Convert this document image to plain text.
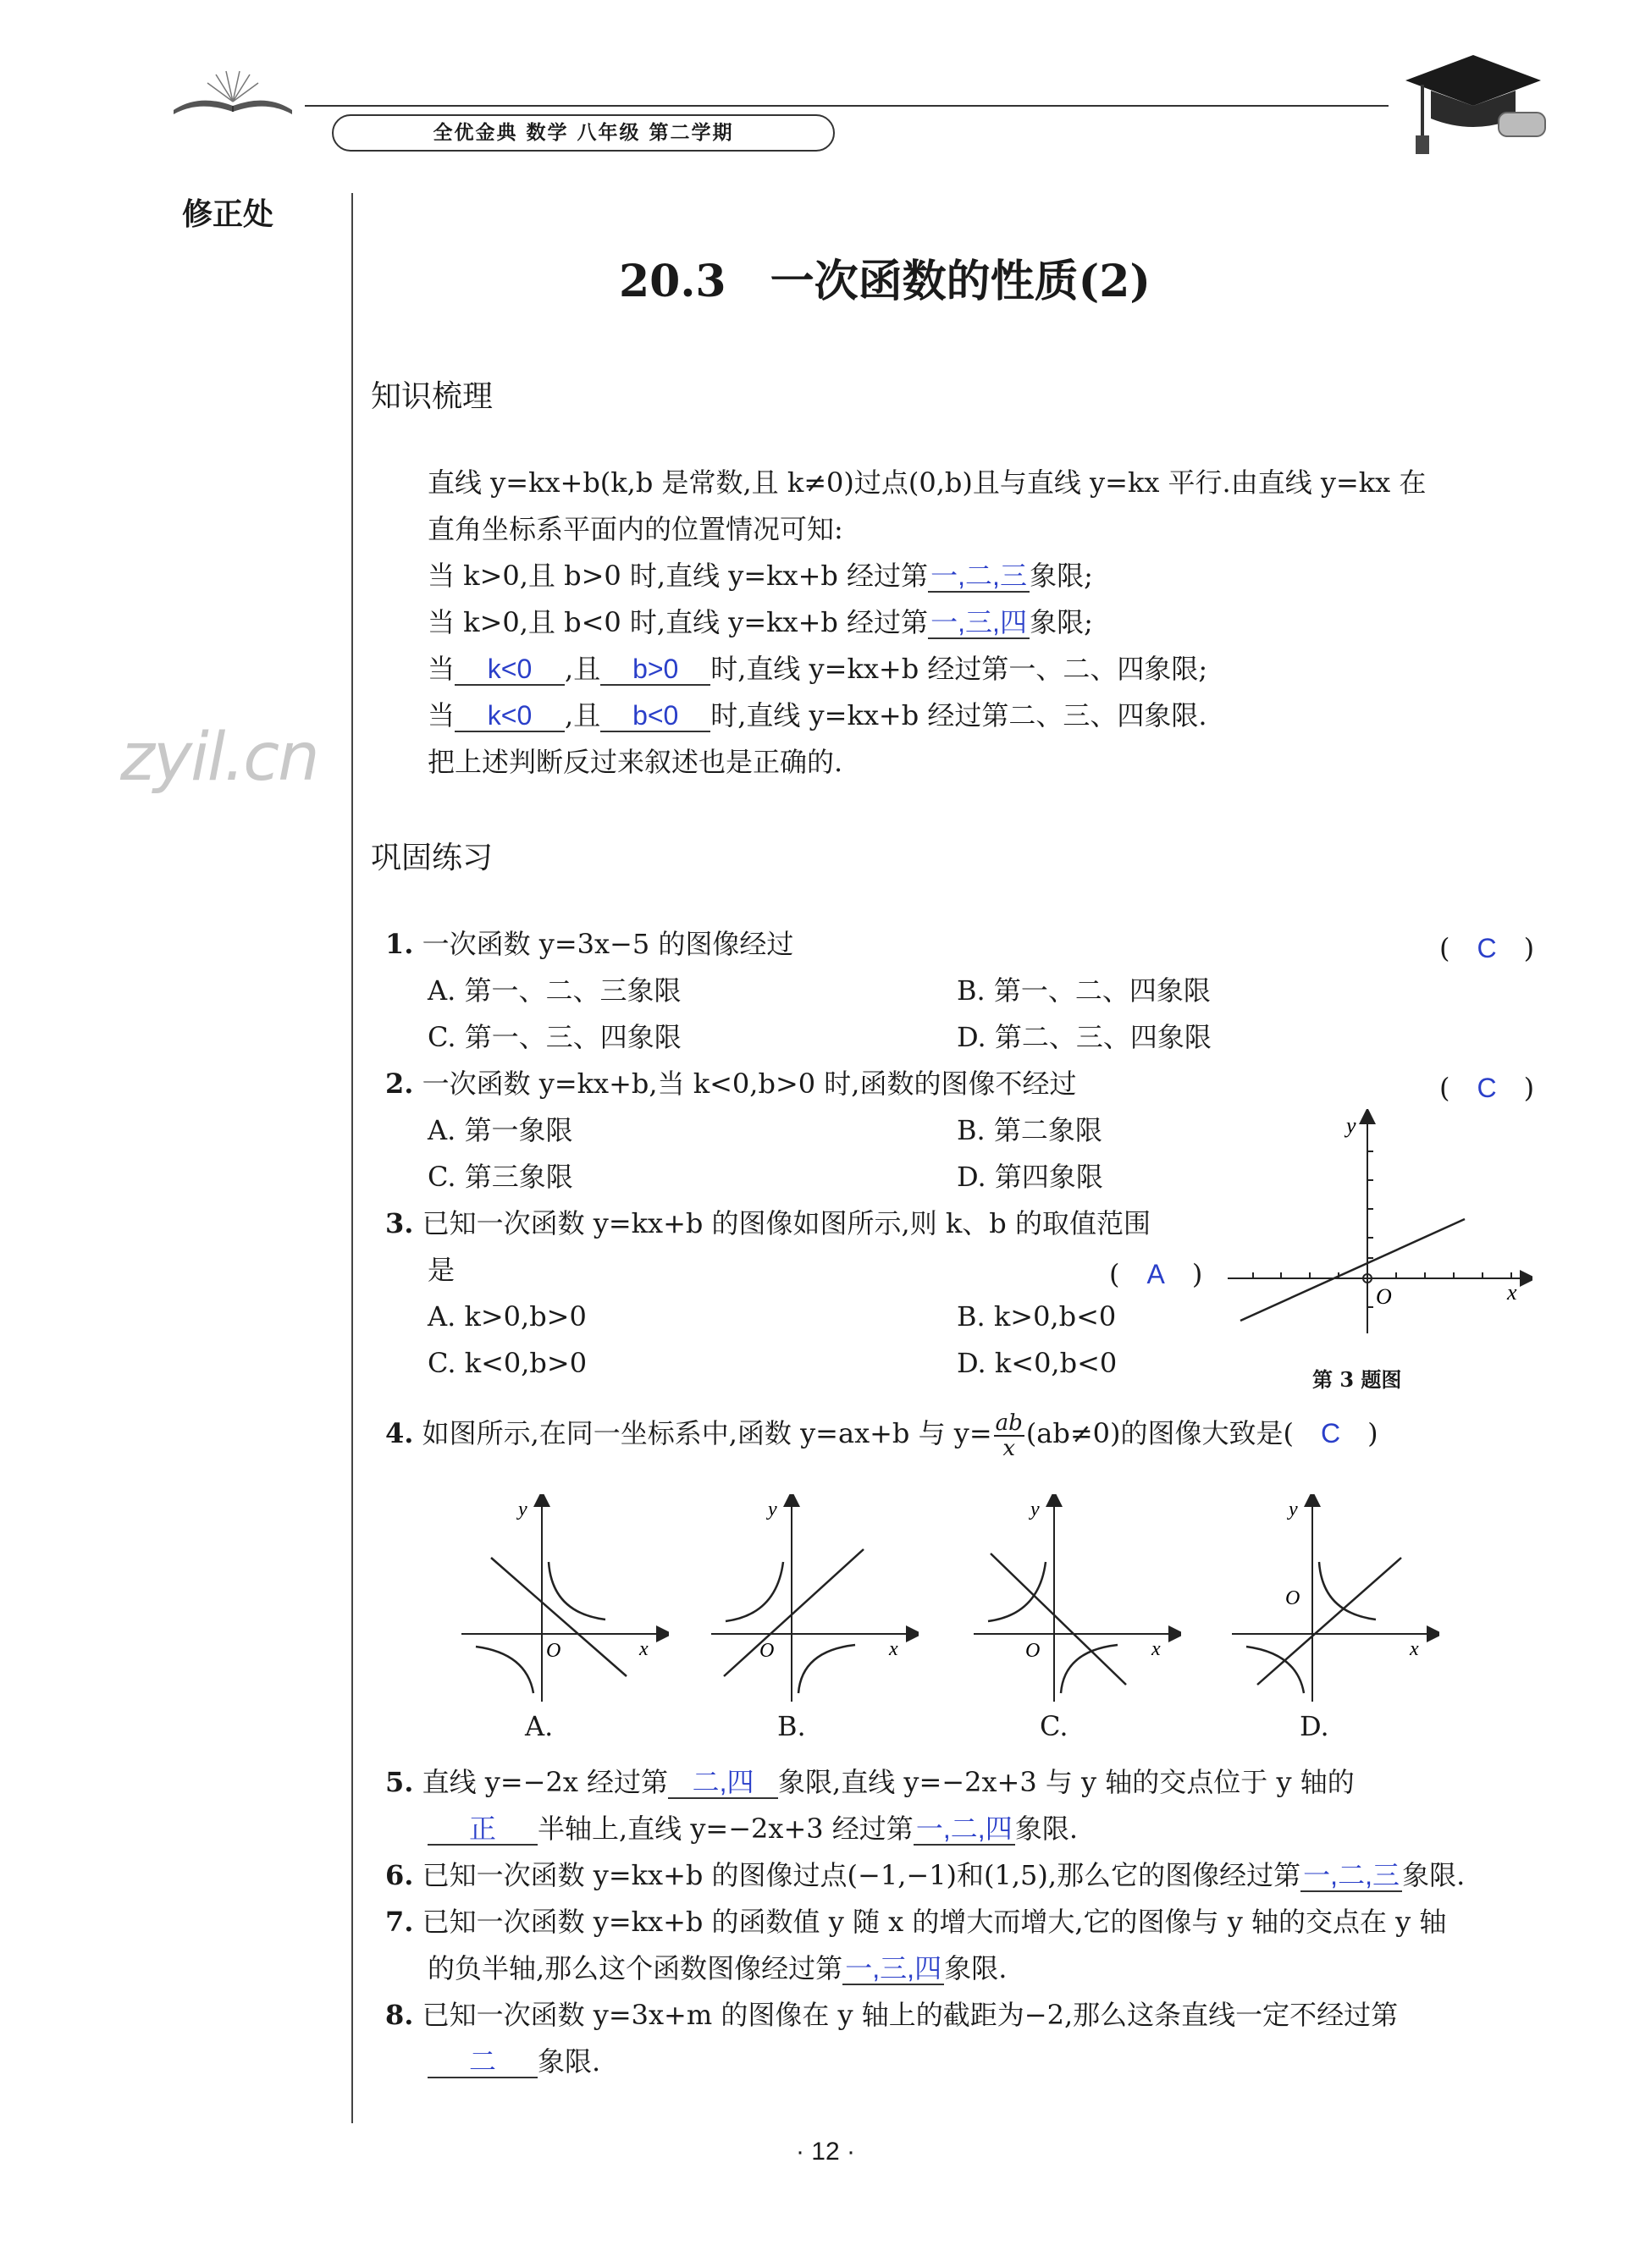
全优金典 数学 八年级 第二学期
修正处
zyil.cn
20.3　一次函数的性质(2)
知识梳理
直线 y=kx+b(k,b 是常数,且 k≠0)过点(0,b)且与直线 y=kx 平行.由直线 y=kx 在
直角坐标系平面内的位置情况可知:
当 k>0,且 b>0 时,直线 y=kx+b 经过第一,二,三象限;
当 k>0,且 b<0 时,直线 y=kx+b 经过第一,三,四象限;
当 k<0 ,且 b>0 时,直线 y=kx+b 经过第一、二、四象限;
当 k<0 ,且 b<0 时,直线 y=kx+b 经过第二、三、四象限.
把上述判断反过来叙述也是正确的.
巩固练习
1. 一次函数 y=3x−5 的图像经过	(　C　)
A. 第一、二、三象限	B. 第一、二、四象限
C. 第一、三、四象限	D. 第二、三、四象限
2. 一次函数 y=kx+b,当 k<0,b>0 时,函数的图像不经过	(　C　)
A. 第一象限	B. 第二象限
C. 第三象限	D. 第四象限
3. 已知一次函数 y=kx+b 的图像如图所示,则 k、b 的取值范围
是	(　A　)
A. k>0,b>0	B. k>0,b<0
C. k<0,b>0	D. k<0,b<0
y
x
O
第 3 题图
4. 如图所示,在同一坐标系中,函数 y=ax+b 与 $y= \frac{ab}{x} (ab\ne 0)$的图像大致是(　 C　 )
y
x
O
y
x
O
y
x
O
y
x
O
A.	B.	C.	D.
5. 直线 y=−2x 经过第 二,四 象限,直线 y=−2x+3 与 y 轴的交点位于 y 轴的
正 半轴上,直线 y=−2x+3 经过第一,二,四象限.
6. 已知一次函数 y=kx+b 的图像过点(−1,−1)和(1,5),那么它的图像经过第一,二,三象限.
7. 已知一次函数 y=kx+b 的函数值 y 随 x 的增大而增大,它的图像与 y 轴的交点在 y 轴
的负半轴,那么这个函数图像经过第一,三,四象限.
8. 已知一次函数 y=3x+m 的图像在 y 轴上的截距为−2,那么这条直线一定不经过第
二 象限.
· 12 ·
